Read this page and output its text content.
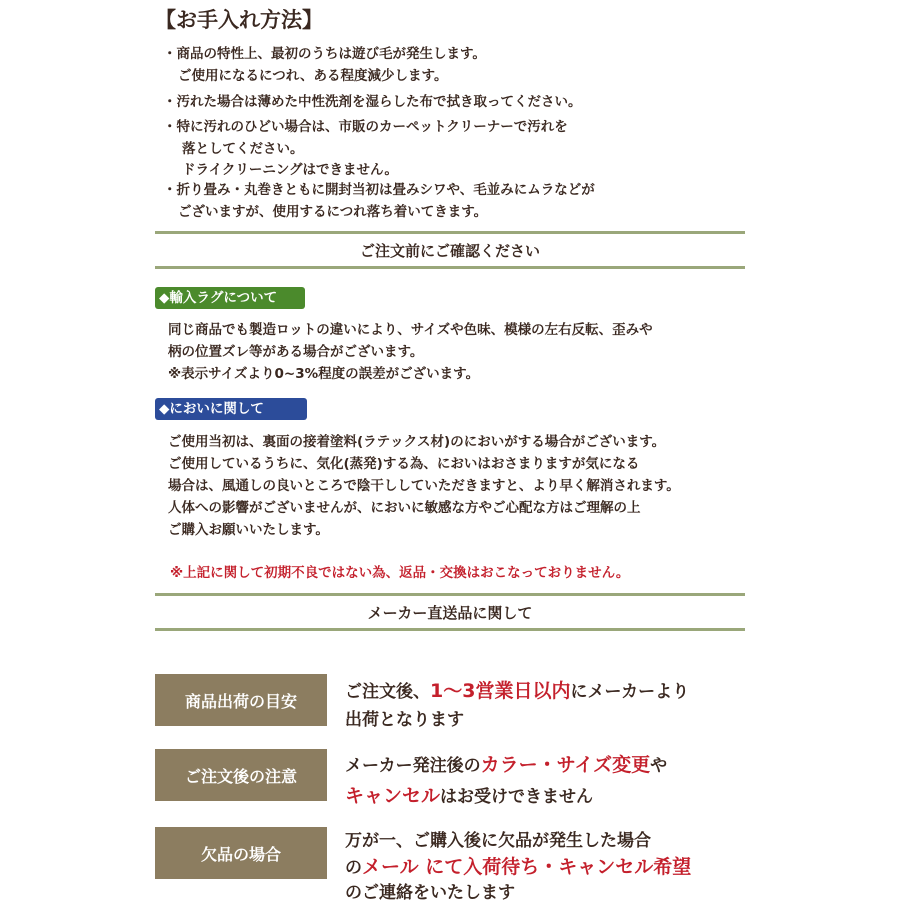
【お手入れ方法】
・商品の特性上、最初のうちは遊び毛が発生します。
ご使用になるにつれ、ある程度減少します。
・汚れた場合は薄めた中性洗剤を湿らした布で拭き取ってください。
・特に汚れのひどい場合は、市販のカーペットクリーナーで汚れを
落としてください。
ドライクリーニングはできません。
・折り畳み・丸巻きともに開封当初は畳みシワや、毛並みにムラなどが
ございますが、使用するにつれ落ち着いてきます。
ご注文前にご確認ください
◆輸入ラグについて
同じ商品でも製造ロットの違いにより、サイズや色味、模様の左右反転、歪みや
柄の位置ズレ等がある場合がございます。
※表示サイズより0~3%程度の誤差がございます。
◆においに関して
ご使用当初は、裏面の接着塗料(ラテックス材)のにおいがする場合がございます。
ご使用しているうちに、気化(蒸発)する為、においはおさまりますが気になる
場合は、風通しの良いところで陰干ししていただきますと、より早く解消されます。
人体への影響がございませんが、においに敏感な方やご心配な方はご理解の上
ご購入お願いいたします。
※上記に関して初期不良ではない為、返品・交換はおこなっておりません。
メーカー直送品に関して
商品出荷の目安	ご注文後、1〜3営業日以内にメーカーより
出荷となります
ご注文後の注意	メーカー発注後のカラー・サイズ変更や
キャンセルはお受けできません
欠品の場合
万が一、ご購入後に欠品が発生した場合
のメール にて入荷待ち・キャンセル希望
のご連絡をいたします
